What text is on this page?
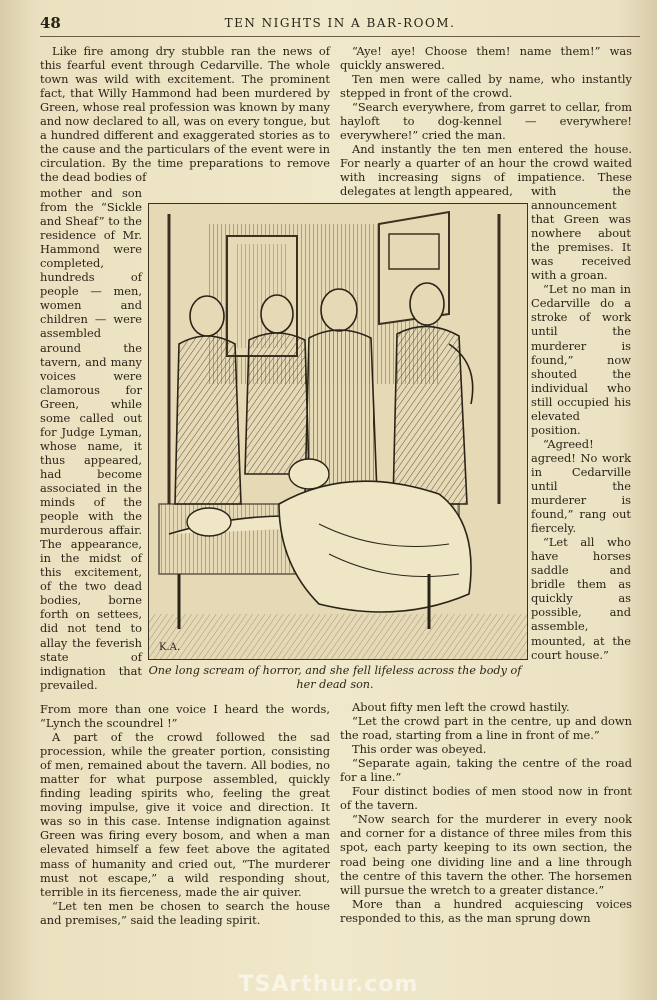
48	TEN NIGHTS IN A BAR-ROOM.

Like fire among dry stubble ran the news of this fearful event through Cedarville. The whole town was wild with excitement. The prominent fact, that Willy Hammond had been murdered by Green, whose real profession was known by many and now declared to all, was on every tongue, but a hundred different and exaggerated stories as to the cause and the particulars of the event were in circulation. By the time preparations to remove the dead bodies of

mother and son from the “Sickle and Sheaf” to the residence of Mr. Hammond were completed, hundreds of people — men, women and children — were assembled around the tavern, and many voices were clamorous for Green, while some called out for Judge Lyman, whose name, it thus appeared, had become associated in the minds of the people with the murderous affair. The appearance, in the midst of this excitement, of the two dead bodies, borne forth on settees, did not tend to allay the feverish state of indignation that prevailed.

K.A.
One long scream of horror, and she fell lifeless across the body of her dead son.

From more than one voice I heard the words, “Lynch the scoundrel !”

A part of the crowd followed the sad procession, while the greater portion, consisting of men, remained about the tavern. All bodies, no matter for what purpose assembled, quickly finding leading spirits who, feeling the great moving impulse, give it voice and direction. It was so in this case. Intense indignation against Green was firing every bosom, and when a man elevated himself a few feet above the agitated mass of humanity and cried out, “The murderer must not escape,” a wild responding shout, terrible in its fierceness, made the air quiver.

“Let ten men be chosen to search the house and premises,” said the leading spirit.

“Aye! aye! Choose them! name them!” was quickly answered.

Ten men were called by name, who instantly stepped in front of the crowd.

“Search everywhere, from garret to cellar, from hayloft to dog-kennel — everywhere! everywhere!” cried the man.

And instantly the ten men entered the house. For nearly a quarter of an hour the crowd waited with increasing signs of impatience. These delegates at length appeared,	with the announcement that Green was nowhere about the premises. It was received with a groan.

“Let no man in Cedarville do a stroke of work until the murderer is found,” now shouted the individual who still occupied his elevated position.

“Agreed! agreed! No work in Cedarville until the murderer is found,” rang out fiercely.

“Let all who have horses saddle and bridle them as quickly as possible, and assemble, mounted, at the court house.”

About fifty men left the crowd hastily.

“Let the crowd part in the centre, up and down the road, starting from a line in front of me.”

This order was obeyed.

“Separate again, taking the centre of the road for a line.”

Four distinct bodies of men stood now in front of the tavern.

“Now search for the murderer in every nook and corner for a distance of three miles from this spot, each party keeping to its own section, the road being one dividing line and a line through the centre of this tavern the other. The horsemen will pursue the wretch to a greater distance.”

More than a hundred acquiescing voices responded to this, as the man sprung down

TSArthur.com
